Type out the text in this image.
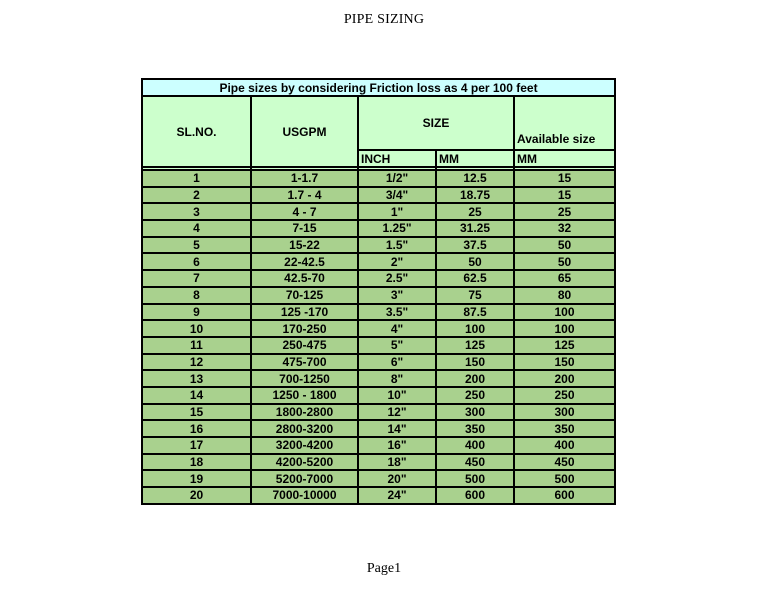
PIPE SIZING
Pipe sizes by considering Friction loss as 4 per 100 feet				
SL.NO.	USGPM	SIZE		Available size
		INCH	MM	MM

1	1-1.7	1/2"	12.5	15
2	1.7 - 4	3/4"	18.75	15
3	4 - 7	1"	25	25
4	7-15	1.25"	31.25	32
5	15-22	1.5"	37.5	50
6	22-42.5	2"	50	50
7	42.5-70	2.5"	62.5	65
8	70-125	3"	75	80
9	125 -170	3.5"	87.5	100
10	170-250	4"	100	100
11	250-475	5"	125	125
12	475-700	6"	150	150
13	700-1250	8"	200	200
14	1250 - 1800	10"	250	250
15	1800-2800	12"	300	300
16	2800-3200	14"	350	350
17	3200-4200	16"	400	400
18	4200-5200	18"	450	450
19	5200-7000	20"	500	500
20	7000-10000	24"	600	600
Page1
